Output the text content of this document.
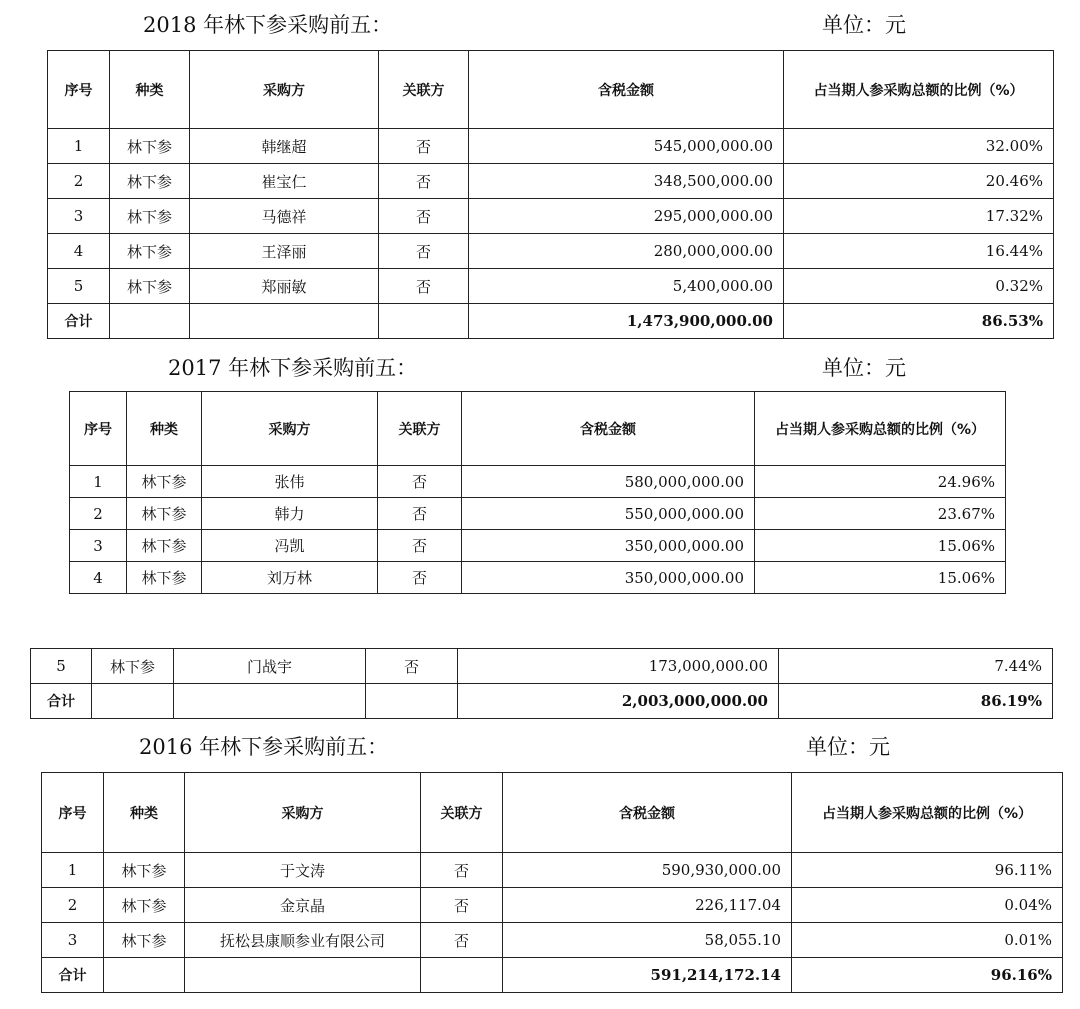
2018 年林下参采购前五：	单位：元
序号	种类	采购方	关联方	含税金额	占当期人参采购总额的比例（%）
1	林下参	韩继超	否	545,000,000.00	32.00%
2	林下参	崔宝仁	否	348,500,000.00	20.46%
3	林下参	马德祥	否	295,000,000.00	17.32%
4	林下参	王泽丽	否	280,000,000.00	16.44%
5	林下参	郑丽敏	否	5,400,000.00	0.32%
合计				1,473,900,000.00	86.53%
2017 年林下参采购前五：	单位：元
序号	种类	采购方	关联方	含税金额	占当期人参采购总额的比例（%）
1	林下参	张伟	否	580,000,000.00	24.96%
2	林下参	韩力	否	550,000,000.00	23.67%
3	林下参	冯凯	否	350,000,000.00	15.06%
4	林下参	刘万林	否	350,000,000.00	15.06%
5	林下参	门战宇	否	173,000,000.00	7.44%
合计				2,003,000,000.00	86.19%
2016 年林下参采购前五：	单位：元
序号	种类	采购方	关联方	含税金额	占当期人参采购总额的比例（%）
1	林下参	于文涛	否	590,930,000.00	96.11%
2	林下参	金京晶	否	226,117.04	0.04%
3	林下参	抚松县康顺参业有限公司	否	58,055.10	0.01%
合计				591,214,172.14	96.16%
